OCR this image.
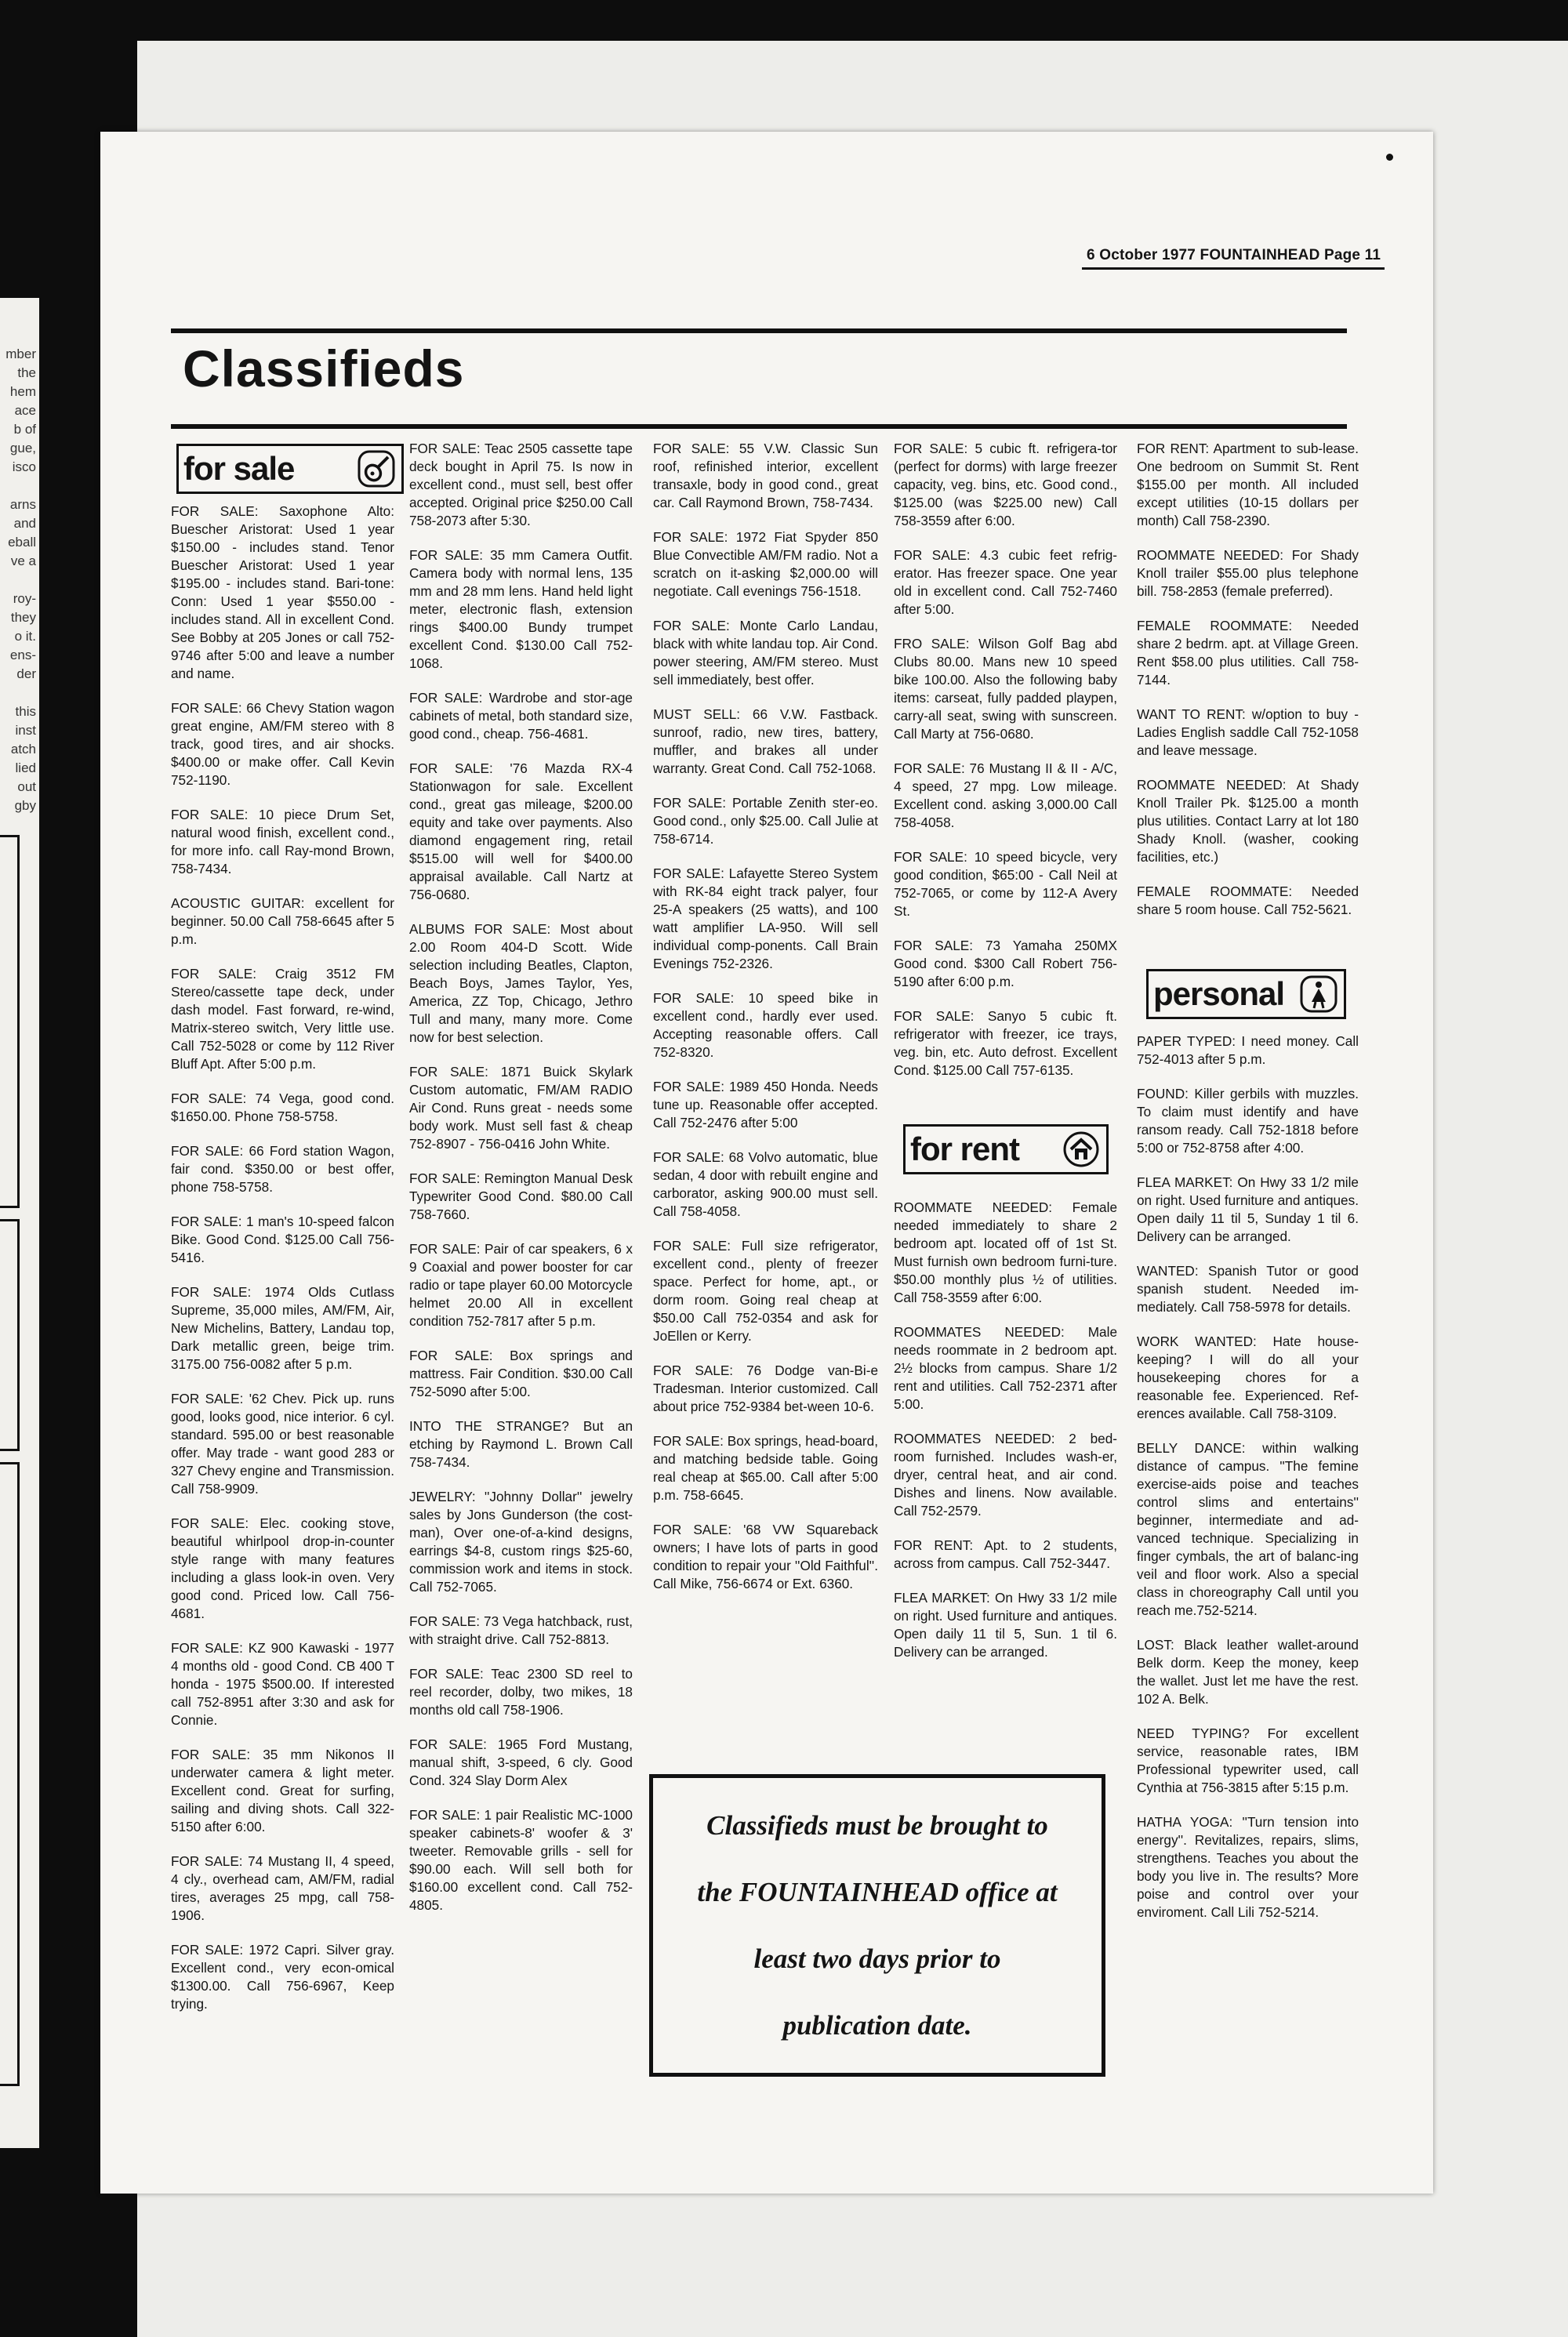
mber
the
hem
ace
b of
gue,
isco
arns
and
eball
ve a
roy-
they
o it.
ens-
der
this
inst
atch
lied
out
gby
6 October 1977 FOUNTAINHEAD Page 11
Classifieds
for sale
personal
for rent

FOR SALE: Saxophone Alto: Buescher Aristorat: Used 1 year $150.00 - includes stand. Tenor Buescher Aristorat: Used 1 year $195.00 - includes stand. Bari-tone: Conn: Used 1 year $550.00 - includes stand. All in excellent Cond. See Bobby at 205 Jones or call 752-9746 after 5:00 and leave a number and name.

FOR SALE: 66 Chevy Station wagon great engine, AM/FM stereo with 8 track, good tires, and air shocks. $400.00 or make offer. Call Kevin 752-1190.

FOR SALE: 10 piece Drum Set, natural wood finish, excellent cond., for more info. call Ray-mond Brown, 758-7434.

ACOUSTIC GUITAR: excellent for beginner. 50.00 Call 758-6645 after 5 p.m.

FOR SALE: Craig 3512 FM Stereo/cassette tape deck, under dash model. Fast forward, re-wind, Matrix-stereo switch, Very little use. Call 752-5028 or come by 112 River Bluff Apt. After 5:00 p.m.

FOR SALE: 74 Vega, good cond. $1650.00. Phone 758-5758.

FOR SALE: 66 Ford station Wagon, fair cond. $350.00 or best offer, phone 758-5758.

FOR SALE: 1 man's 10-speed falcon Bike. Good Cond. $125.00 Call 756-5416.

FOR SALE: 1974 Olds Cutlass Supreme, 35,000 miles, AM/FM, Air, New Michelins, Battery, Landau top, Dark metallic green, beige trim. 3175.00 756-0082 after 5 p.m.

FOR SALE: '62 Chev. Pick up. runs good, looks good, nice interior. 6 cyl. standard. 595.00 or best reasonable offer. May trade - want good 283 or 327 Chevy engine and Transmission. Call 758-9909.

FOR SALE: Elec. cooking stove, beautiful whirlpool drop-in-counter style range with many features including a glass look-in oven. Very good cond. Priced low. Call 756-4681.

FOR SALE: KZ 900 Kawaski - 1977 4 months old - good Cond. CB 400 T honda - 1975 $500.00. If interested call 752-8951 after 3:30 and ask for Connie.

FOR SALE: 35 mm Nikonos II underwater camera & light meter. Excellent cond. Great for surfing, sailing and diving shots. Call 322-5150 after 6:00.

FOR SALE: 74 Mustang II, 4 speed, 4 cly., overhead cam, AM/FM, radial tires, averages 25 mpg, call 758-1906.

FOR SALE: 1972 Capri. Silver gray. Excellent cond., very econ-omical $1300.00. Call 756-6967, Keep trying.

FOR SALE: Teac 2505 cassette tape deck bought in April 75. Is now in excellent cond., must sell, best offer accepted. Original price $250.00 Call 758-2073 after 5:30.

FOR SALE: 35 mm Camera Outfit. Camera body with normal lens, 135 mm and 28 mm lens. Hand held light meter, electronic flash, extension rings $400.00 Bundy trumpet excellent Cond. $130.00 Call 752-1068.

FOR SALE: Wardrobe and stor-age cabinets of metal, both standard size, good cond., cheap. 756-4681.

FOR SALE: '76 Mazda RX-4 Stationwagon for sale. Excellent cond., great gas mileage, $200.00 equity and take over payments. Also diamond engagement ring, retail $515.00 will well for $400.00 appraisal available. Call Nartz at 756-0680.

ALBUMS FOR SALE: Most about 2.00 Room 404-D Scott. Wide selection including Beatles, Clapton, Beach Boys, James Taylor, Yes, America, ZZ Top, Chicago, Jethro Tull and many, many more. Come now for best selection.

FOR SALE: 1871 Buick Skylark Custom automatic, FM/AM RADIO Air Cond. Runs great - needs some body work. Must sell fast & cheap 752-8907 - 756-0416 John White.

FOR SALE: Remington Manual Desk Typewriter Good Cond. $80.00 Call 758-7660.

FOR SALE: Pair of car speakers, 6 x 9 Coaxial and power booster for car radio or tape player 60.00 Motorcycle helmet 20.00 All in excellent condition 752-7817 after 5 p.m.

FOR SALE: Box springs and mattress. Fair Condition. $30.00 Call 752-5090 after 5:00.

INTO THE STRANGE? But an etching by Raymond L. Brown Call 758-7434.

JEWELRY: ''Johnny Dollar'' jewelry sales by Jons Gunderson (the cost-man), Over one-of-a-kind designs, earrings $4-8, custom rings $25-60, commission work and items in stock. Call 752-7065.

FOR SALE: 73 Vega hatchback, rust, with straight drive. Call 752-8813.

FOR SALE: Teac 2300 SD reel to reel recorder, dolby, two mikes, 18 months old call 758-1906.

FOR SALE: 1965 Ford Mustang, manual shift, 3-speed, 6 cly. Good Cond. 324 Slay Dorm Alex

FOR SALE: 1 pair Realistic MC-1000 speaker cabinets-8' woofer & 3' tweeter. Removable grills - sell for $90.00 each. Will sell both for $160.00 excellent cond. Call 752-4805.

FOR SALE: 55 V.W. Classic Sun roof, refinished interior, excellent transaxle, body in good cond., great car. Call Raymond Brown, 758-7434.

FOR SALE: 1972 Fiat Spyder 850 Blue Convectible AM/FM radio. Not a scratch on it-asking $2,000.00 will negotiate. Call evenings 756-1518.

FOR SALE: Monte Carlo Landau, black with white landau top. Air Cond. power steering, AM/FM stereo. Must sell immediately, best offer.

MUST SELL: 66 V.W. Fastback. sunroof, radio, new tires, battery, muffler, and brakes all under warranty. Great Cond. Call 752-1068.

FOR SALE: Portable Zenith ster-eo. Good cond., only $25.00. Call Julie at 758-6714.

FOR SALE: Lafayette Stereo System with RK-84 eight track palyer, four 25-A speakers (25 watts), and 100 watt amplifier LA-950. Will sell individual comp-ponents. Call Brain Evenings 752-2326.

FOR SALE: 10 speed bike in excellent cond., hardly ever used. Accepting reasonable offers. Call 752-8320.

FOR SALE: 1989 450 Honda. Needs tune up. Reasonable offer accepted. Call 752-2476 after 5:00

FOR SALE: 68 Volvo automatic, blue sedan, 4 door with rebuilt engine and carborator, asking 900.00 must sell. Call 758-4058.

FOR SALE: Full size refrigerator, excellent cond., plenty of freezer space. Perfect for home, apt., or dorm room. Going real cheap at $50.00 Call 752-0354 and ask for JoEllen or Kerry.

FOR SALE: 76 Dodge van-Bi-e Tradesman. Interior customized. Call about price 752-9384 bet-ween 10-6.

FOR SALE: Box springs, head-board, and matching bedside table. Going real cheap at $65.00. Call after 5:00 p.m. 758-6645.

FOR SALE: '68 VW Squareback owners; I have lots of parts in good condition to repair your ''Old Faithful''. Call Mike, 756-6674 or Ext. 6360.

FOR SALE: 5 cubic ft. refrigera-tor (perfect for dorms) with large freezer capacity, veg. bins, etc. Good cond., $125.00 (was $225.00 new) Call 758-3559 after 6:00.

FOR SALE: 4.3 cubic feet refrig-erator. Has freezer space. One year old in excellent cond. Call 752-7460 after 5:00.

FRO SALE: Wilson Golf Bag abd Clubs 80.00. Mans new 10 speed bike 100.00. Also the following baby items: carseat, fully padded playpen, carry-all seat, swing with sunscreen. Call Marty at 756-0680.

FOR SALE: 76 Mustang II & II - A/C, 4 speed, 27 mpg. Low mileage. Excellent cond. asking 3,000.00 Call 758-4058.

FOR SALE: 10 speed bicycle, very good condition, $65:00 - Call Neil at 752-7065, or come by 112-A Avery St.

FOR SALE: 73 Yamaha 250MX Good cond. $300 Call Robert 756-5190 after 6:00 p.m.

FOR SALE: Sanyo 5 cubic ft. refrigerator with freezer, ice trays, veg. bin, etc. Auto defrost. Excellent Cond. $125.00 Call 757-6135.

ROOMMATE NEEDED: Female needed immediately to share 2 bedroom apt. located off of 1st St. Must furnish own bedroom furni-ture. $50.00 monthly plus ½ of utilities. Call 758-3559 after 6:00.

ROOMMATES NEEDED: Male needs roommate in 2 bedroom apt. 2½ blocks from campus. Share 1/2 rent and utilities. Call 752-2371 after 5:00.

ROOMMATES NEEDED: 2 bed-room furnished. Includes wash-er, dryer, central heat, and air cond. Dishes and linens. Now available. Call 752-2579.

FOR RENT: Apt. to 2 students, across from campus. Call 752-3447.

FLEA MARKET: On Hwy 33 1/2 mile on right. Used furniture and antiques. Open daily 11 til 5, Sun. 1 til 6. Delivery can be arranged.

FOR RENT: Apartment to sub-lease. One bedroom on Summit St. Rent $155.00 per month. All included except utilities (10-15 dollars per month) Call 758-2390.

ROOMMATE NEEDED: For Shady Knoll trailer $55.00 plus telephone bill. 758-2853 (female preferred).

FEMALE ROOMMATE: Needed share 2 bedrm. apt. at Village Green. Rent $58.00 plus utilities. Call 758-7144.

WANT TO RENT: w/option to buy - Ladies English saddle Call 752-1058 and leave message.

ROOMMATE NEEDED: At Shady Knoll Trailer Pk. $125.00 a month plus utilities. Contact Larry at lot 180 Shady Knoll. (washer, cooking facilities, etc.)

FEMALE ROOMMATE: Needed share 5 room house. Call 752-5621.

PAPER TYPED: I need money. Call 752-4013 after 5 p.m.

FOUND: Killer gerbils with muzzles. To claim must identify and have ransom ready. Call 752-1818 before 5:00 or 752-8758 after 4:00.

FLEA MARKET: On Hwy 33 1/2 mile on right. Used furniture and antiques. Open daily 11 til 5, Sunday 1 til 6. Delivery can be arranged.

WANTED: Spanish Tutor or good spanish student. Needed im-mediately. Call 758-5978 for details.

WORK WANTED: Hate house-keeping? I will do all your housekeeping chores for a reasonable fee. Experienced. Ref-erences available. Call 758-3109.

BELLY DANCE: within walking distance of campus. ''The femine exercise-aids poise and teaches control slims and entertains'' beginner, intermediate and ad-vanced technique. Specializing in finger cymbals, the art of balanc-ing veil and floor work. Also a special class in choreography Call until you reach me.752-5214.

LOST: Black leather wallet-around Belk dorm. Keep the money, keep the wallet. Just let me have the rest. 102 A. Belk.

NEED TYPING? For excellent service, reasonable rates, IBM Professional typewriter used, call Cynthia at 756-3815 after 5:15 p.m.

HATHA YOGA: ''Turn tension into energy''. Revitalizes, repairs, slims, strengthens. Teaches you about the body you live in. The results? More poise and control over your enviroment. Call Lili 752-5214.

Classifieds must be brought to
the FOUNTAINHEAD office at
least two days prior to
publication date.
